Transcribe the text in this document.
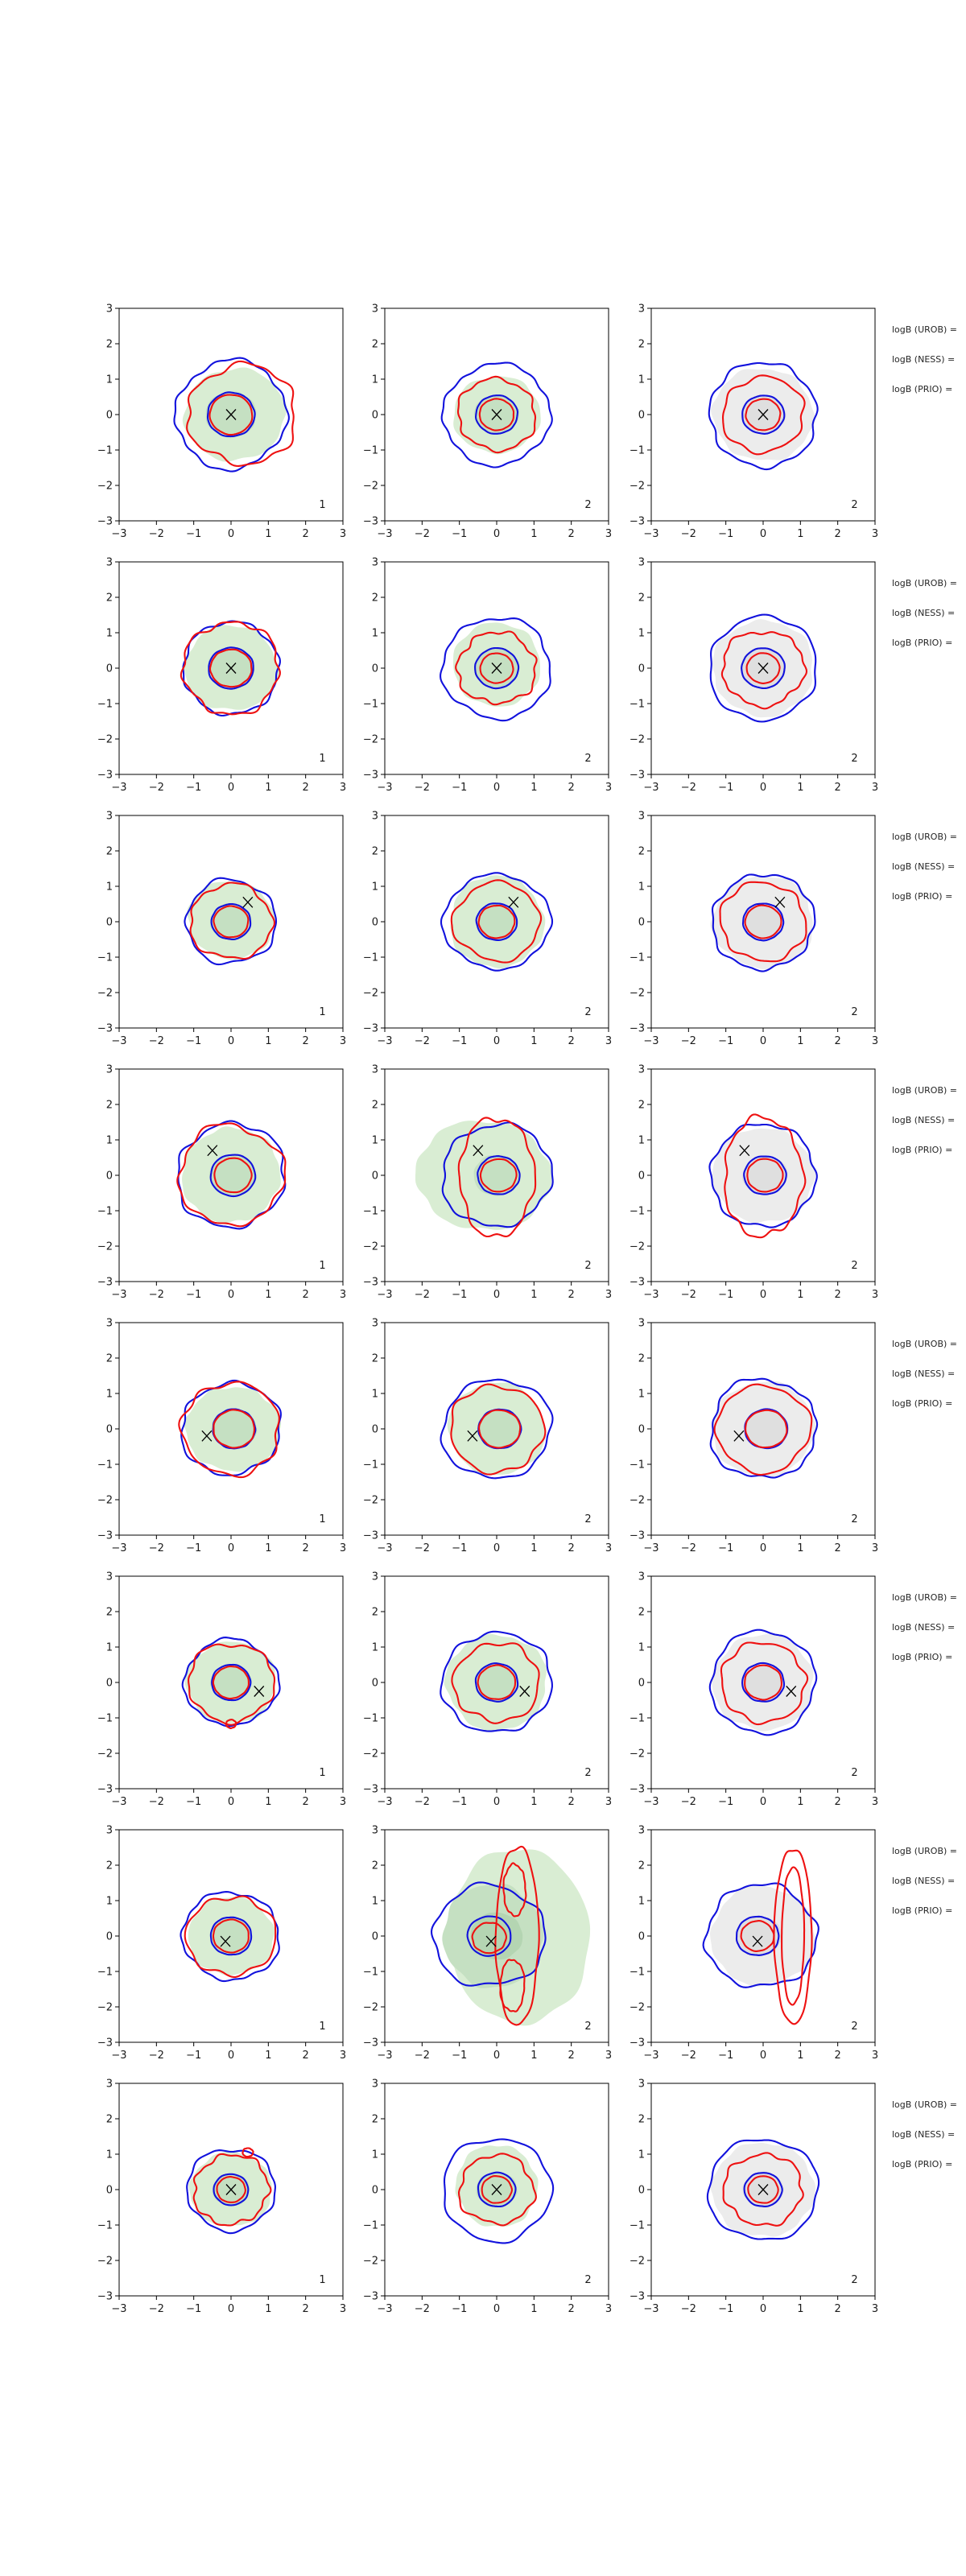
−3
−3
−2
−2
−1
−1
0
0
1
1
2
2
3
3
1
−3
−3
−2
−2
−1
−1
0
0
1
1
2
2
3
3
2
−3
−3
−2
−2
−1
−1
0
0
1
1
2
2
3
3
2
logB (UROB) =
logB (NESS) =
logB (PRIO) =
−3
−3
−2
−2
−1
−1
0
0
1
1
2
2
3
3
1
−3
−3
−2
−2
−1
−1
0
0
1
1
2
2
3
3
2
−3
−3
−2
−2
−1
−1
0
0
1
1
2
2
3
3
2
logB (UROB) =
logB (NESS) =
logB (PRIO) =
−3
−3
−2
−2
−1
−1
0
0
1
1
2
2
3
3
1
−3
−3
−2
−2
−1
−1
0
0
1
1
2
2
3
3
2
−3
−3
−2
−2
−1
−1
0
0
1
1
2
2
3
3
2
logB (UROB) =
logB (NESS) =
logB (PRIO) =
−3
−3
−2
−2
−1
−1
0
0
1
1
2
2
3
3
1
−3
−3
−2
−2
−1
−1
0
0
1
1
2
2
3
3
2
−3
−3
−2
−2
−1
−1
0
0
1
1
2
2
3
3
2
logB (UROB) =
logB (NESS) =
logB (PRIO) =
−3
−3
−2
−2
−1
−1
0
0
1
1
2
2
3
3
1
−3
−3
−2
−2
−1
−1
0
0
1
1
2
2
3
3
2
−3
−3
−2
−2
−1
−1
0
0
1
1
2
2
3
3
2
logB (UROB) =
logB (NESS) =
logB (PRIO) =
−3
−3
−2
−2
−1
−1
0
0
1
1
2
2
3
3
1
−3
−3
−2
−2
−1
−1
0
0
1
1
2
2
3
3
2
−3
−3
−2
−2
−1
−1
0
0
1
1
2
2
3
3
2
logB (UROB) =
logB (NESS) =
logB (PRIO) =
−3
−3
−2
−2
−1
−1
0
0
1
1
2
2
3
3
1
−3
−3
−2
−2
−1
−1
0
0
1
1
2
2
3
3
2
−3
−3
−2
−2
−1
−1
0
0
1
1
2
2
3
3
2
logB (UROB) =
logB (NESS) =
logB (PRIO) =
−3
−3
−2
−2
−1
−1
0
0
1
1
2
2
3
3
1
−3
−3
−2
−2
−1
−1
0
0
1
1
2
2
3
3
2
−3
−3
−2
−2
−1
−1
0
0
1
1
2
2
3
3
2
logB (UROB) =
logB (NESS) =
logB (PRIO) =
